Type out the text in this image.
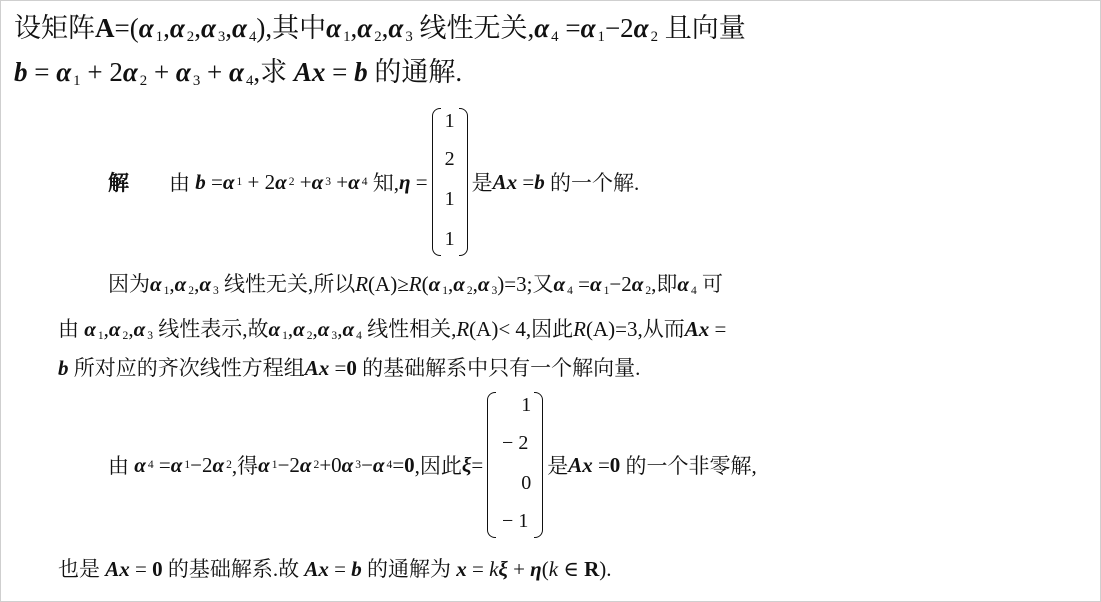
设矩阵A=(α $_1$,α $_2$,α $_3$,α $_4$),其中α $_1$,α $_2$,α $_3$ 线性无关,α $_4$ =α $_1$−2α $_2$ 且向量
b = α $_1$ + 2α $_2$ + α $_3$ + α $_4$,求 Ax = b 的通解.
解 由
b
= α 1
+ 2 α 2
+ α 3
+ α 4
知, η
=
1
2
1
1
是 Ax
= b
的一个解.
因为α $_1$,α $_2$,α $_3$ 线性无关,所以R(A)≥R(α $_1$,α $_2$,α $_3$)=3;又α $_4$ =α $_1$−2α $_2$,即α $_4$ 可
由 α $_1$,α $_2$,α $_3$ 线性表示,故α $_1$,α $_2$,α $_3$,α $_4$ 线性相关,R(A)< 4,因此R(A)=3,从而Ax =
b 所对应的齐次线性方程组Ax =0 的基础解系中只有一个解向量.
由
α 4
= α 1 −2 α 2 ,得 α 1 −2 α 2 +0 α 3 − α 4 = 0 ,因此 ξ =
1
− 2
0
− 1
是 Ax
= 0
的一个非零解,
也是 Ax = 0 的基础解系.故 Ax = b 的通解为 x = kξ + η(k ∈ R).
